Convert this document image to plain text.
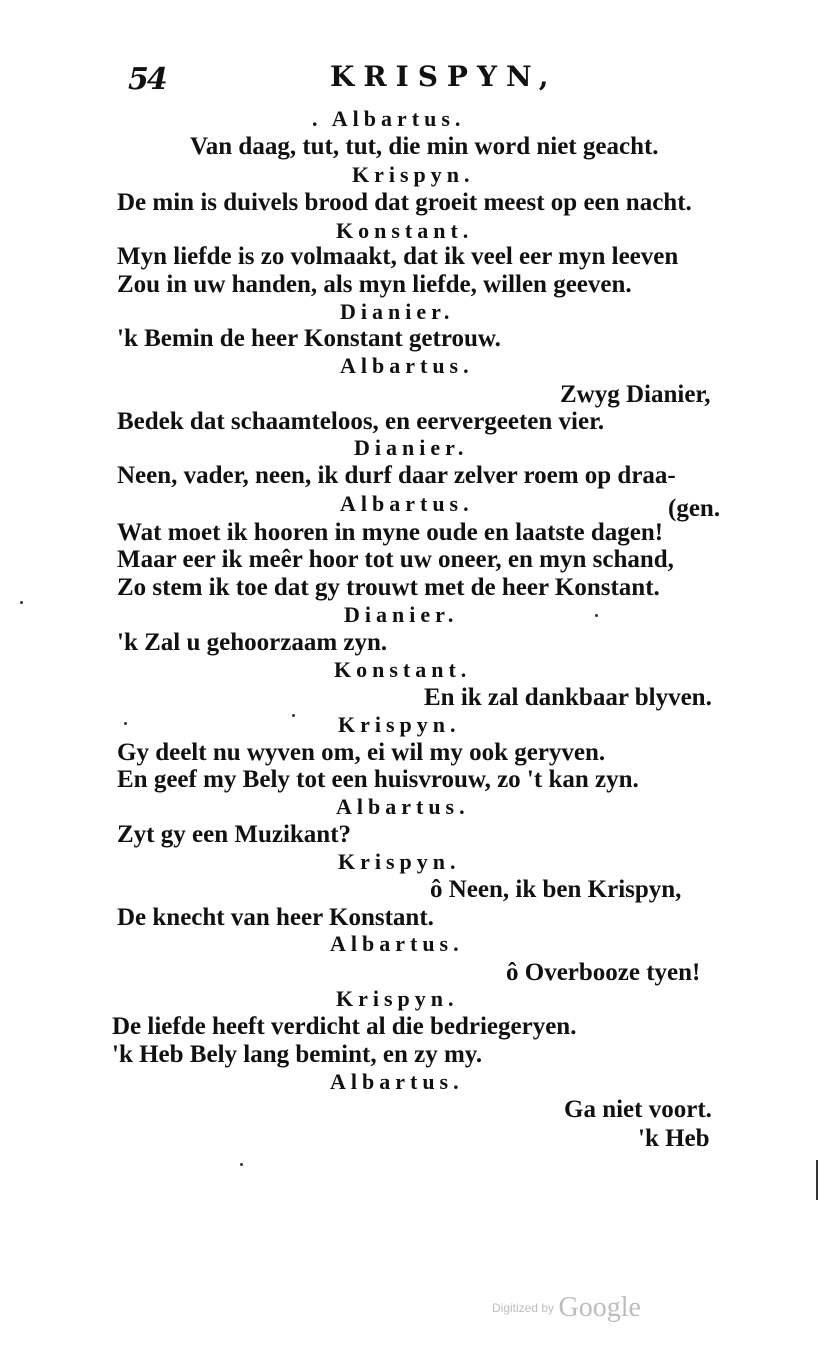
54	KRISPYN,
. Albartus.
Van daag, tut, tut, die min word niet geacht.
Krispyn.
De min is duivels brood dat groeit meest op een nacht.
Konstant.
Myn liefde is zo volmaakt, dat ik veel eer myn leeven
Zou in uw handen, als myn liefde, willen geeven.
Dianier.
'k Bemin de heer Konstant getrouw.
Albartus.
Zwyg Dianier,
Bedek dat schaamteloos, en eervergeeten vier.
Dianier.
Neen, vader, neen, ik durf daar zelver roem op draa-
Albartus.	(gen.
Wat moet ik hooren in myne oude en laatste dagen!
Maar eer ik meêr hoor tot uw oneer, en myn schand,
Zo stem ik toe dat gy trouwt met de heer Konstant.
Dianier.
'k Zal u gehoorzaam zyn.
Konstant.
En ik zal dankbaar blyven.
Krispyn.
Gy deelt nu wyven om, ei wil my ook geryven.
En geef my Bely tot een huisvrouw, zo 't kan zyn.
Albartus.
Zyt gy een Muzikant?
Krispyn.
ô Neen, ik ben Krispyn,
De knecht van heer Konstant.
Albartus.
ô Overbooze tyen!
Krispyn.
De liefde heeft verdicht al die bedriegeryen.
'k Heb Bely lang bemint, en zy my.
Albartus.
Ga niet voort.
'k Heb
Digitized by Google
